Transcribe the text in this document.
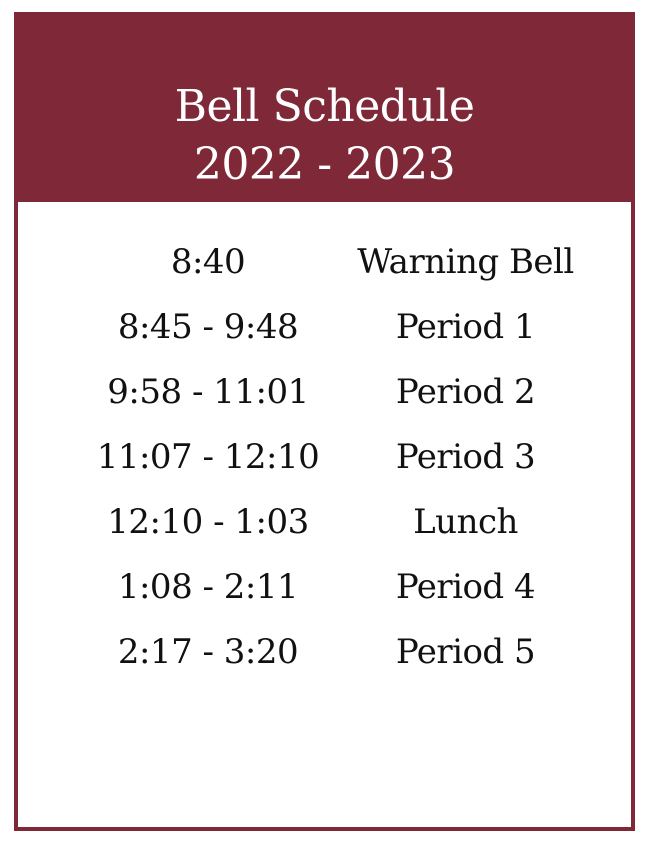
Bell Schedule
2022 - 2023
8:40	Warning Bell
8:45 - 9:48	Period 1
9:58 - 11:01	Period 2
11:07 - 12:10	Period 3
12:10 - 1:03	Lunch
1:08 - 2:11	Period 4
2:17 - 3:20	Period 5
